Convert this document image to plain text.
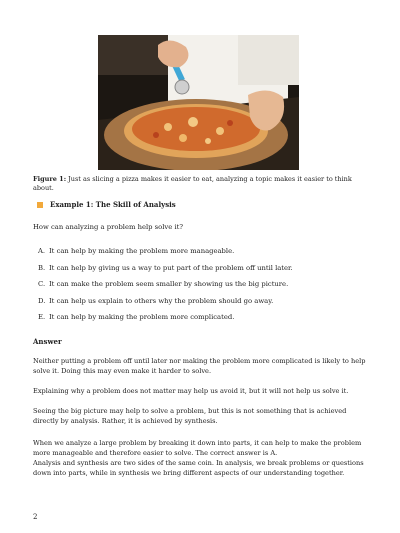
Figure 1: Just as slicing a pizza makes it easier to eat, analyzing a topic makes it easier to think about.
Example 1: The Skill of Analysis
How can analyzing a problem help solve it?
A. It can help by making the problem more manageable.
B. It can help by giving us a way to put part of the problem off until later.
C. It can make the problem seem smaller by showing us the big picture.
D. It can help us explain to others why the problem should go away.
E. It can help by making the problem more complicated.
Answer

Neither putting a problem off until later nor making the problem more complicated is likely to help solve it. Doing this may even make it harder to solve.

Explaining why a problem does not matter may help us avoid it, but it will not help us solve it.

Seeing the big picture may help to solve a problem, but this is not something that is achieved directly by analysis. Rather, it is achieved by synthesis.

When we analyze a large problem by breaking it down into parts, it can help to make the problem more manageable and therefore easier to solve. The correct answer is A.

Analysis and synthesis are two sides of the same coin. In analysis, we break problems or questions down into parts, while in synthesis we bring different aspects of our understanding together.

2
